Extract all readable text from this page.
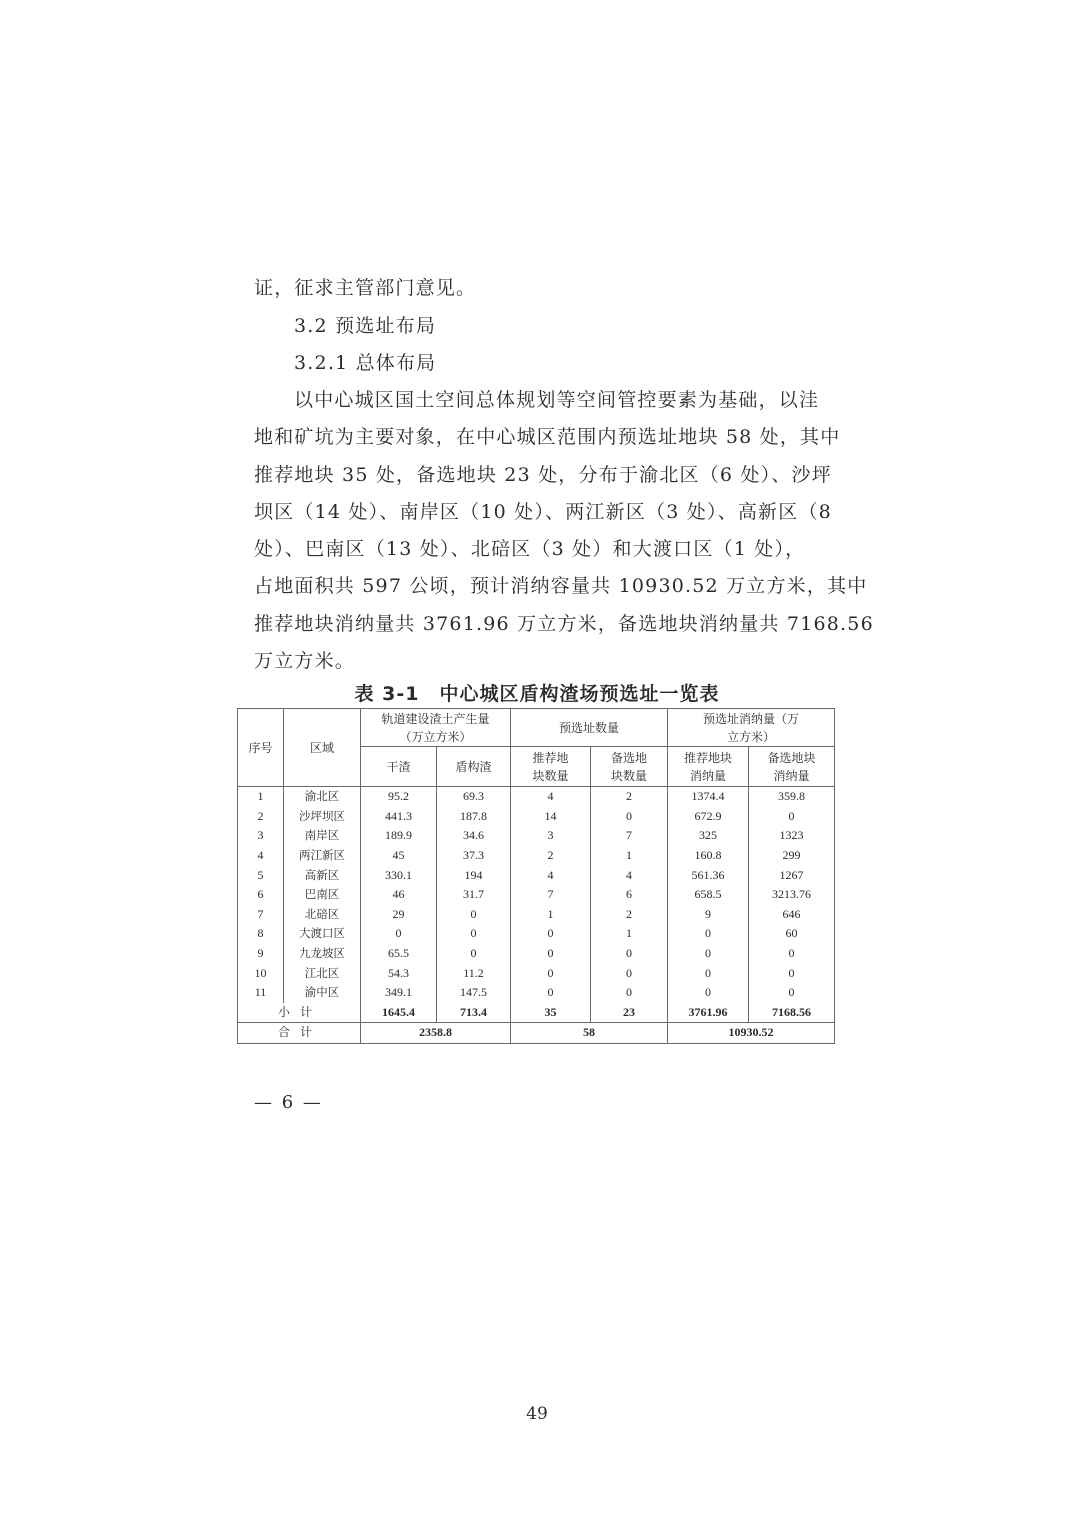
证，征求主管部门意见。
3.2 预选址布局
3.2.1 总体布局
以中心城区国土空间总体规划等空间管控要素为基础，以洼
地和矿坑为主要对象，在中心城区范围内预选址地块 58 处，其中
推荐地块 35 处，备选地块 23 处，分布于渝北区（6 处）、沙坪
坝区（14 处）、南岸区（10 处）、两江新区（3 处）、高新区（8
处）、巴南区（13 处）、北碚区（3 处）和大渡口区（1 处），
占地面积共 597 公顷，预计消纳容量共 10930.52 万立方米，其中
推荐地块消纳量共 3761.96 万立方米，备选地块消纳量共 7168.56
万立方米。
表 3-1　中心城区盾构渣场预选址一览表
序号	区域	轨道建设渣土产生量（万立方米）		预选址数量		预选址消纳量（万立方米）	
		干渣	盾构渣	推荐地块数量	备选地块数量	推荐地块消纳量	备选地块消纳量
1	渝北区	95.2	69.3	4	2	1374.4	359.8
2	沙坪坝区	441.3	187.8	14	0	672.9	0
3	南岸区	189.9	34.6	3	7	325	1323
4	两江新区	45	37.3	2	1	160.8	299
5	高新区	330.1	194	4	4	561.36	1267
6	巴南区	46	31.7	7	6	658.5	3213.76
7	北碚区	29	0	1	2	9	646
8	大渡口区	0	0	0	1	0	60
9	九龙坡区	65.5	0	0	0	0	0
10	江北区	54.3	11.2	0	0	0	0
11	渝中区	349.1	147.5	0	0	0	0
小计		1645.4	713.4	35	23	3761.96	7168.56
合计		2358.8		58		10930.52	
— 6 —
49
